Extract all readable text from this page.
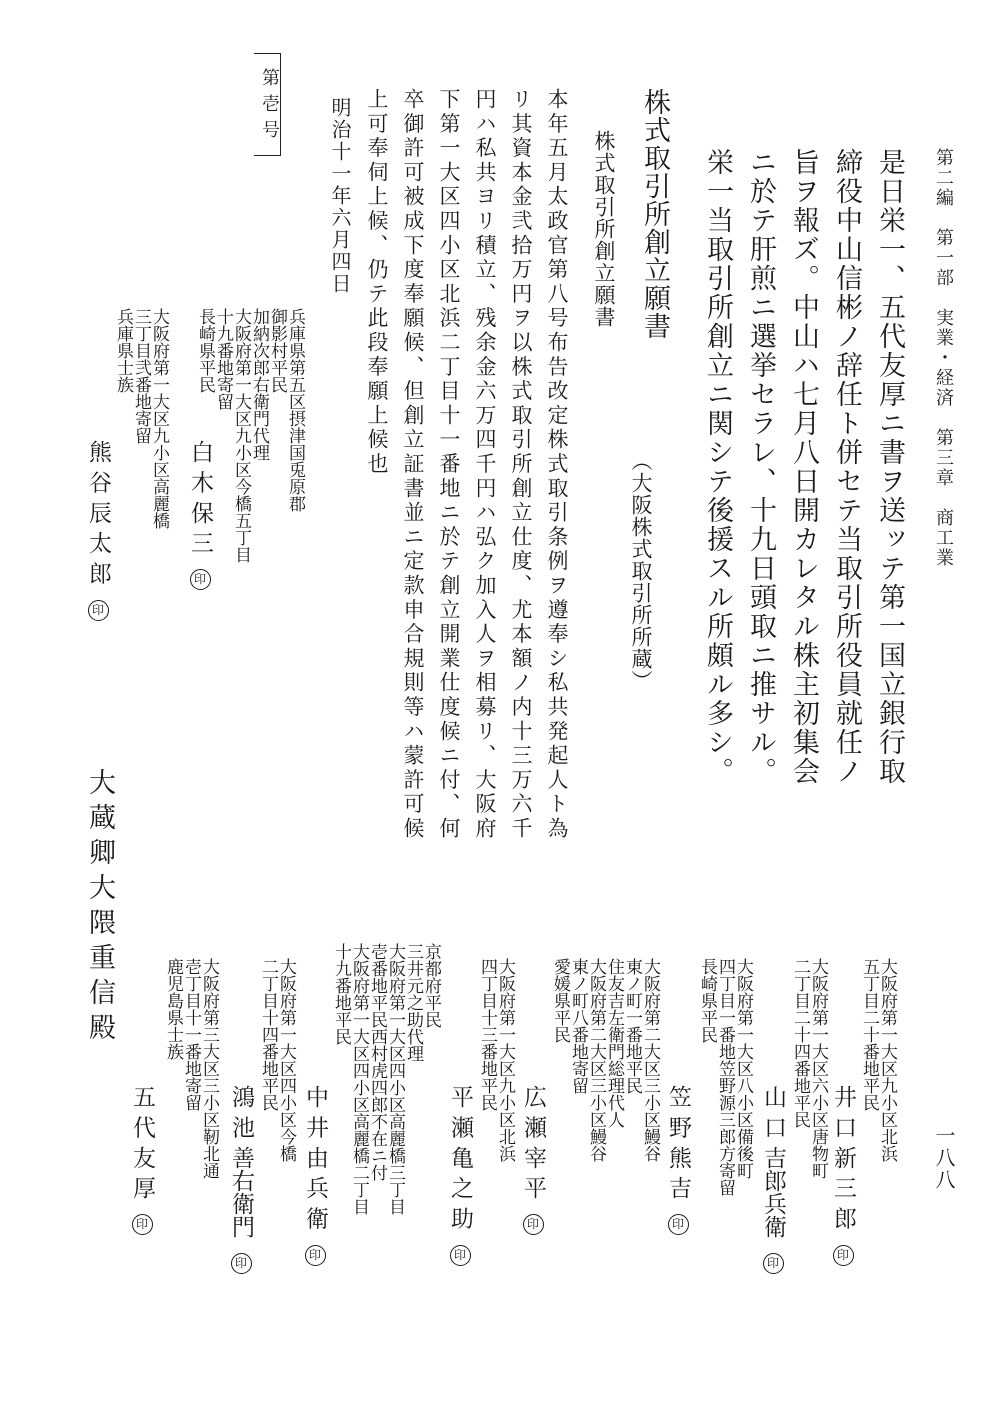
第二編　第一部　実業・経済　第三章　商工業
一八八
是日栄一、五代友厚ニ書ヲ送ッテ第一国立銀行取
締役中山信彬ノ辞任ト併セテ当取引所役員就任ノ
旨ヲ報ズ。中山ハ七月八日開カレタル株主初集会
ニ於テ肝煎ニ選挙セラレ、十九日頭取ニ推サル。
栄一当取引所創立ニ関シテ後援スル所頗ル多シ。
株式取引所創立願書
（大阪株式取引所所蔵）
株式取引所創立願書
本年五月太政官第八号布告改定株式取引条例ヲ遵奉シ私共発起人ト為
リ其資本金弐拾万円ヲ以株式取引所創立仕度、尤本額ノ内十三万六千
円ハ私共ヨリ積立、残余金六万四千円ハ弘ク加入人ヲ相募リ、大阪府
下第一大区四小区北浜二丁目十一番地ニ於テ創立開業仕度候ニ付、何
卒御許可被成下度奉願候、但創立証書並ニ定款申合規則等ハ蒙許可候
上可奉伺上候、仍テ此段奉願上候也
明治十一年六月四日
第壱号
兵庫県第五区摂津国兎原郡
御影村平民
加納次郎右衛門代理
大阪府第一大区九小区今橋五丁目
十九番地寄留
長崎県平民
白 木 保 三 印
大阪府第一大区九小区高麗橋
三丁目弐番地寄留
兵庫県士族
熊 谷 辰 太 郎 印
大阪府第一大区九小区北浜
五丁目二十番地平民
井 口 新 三 郎 印
大阪府第一大区六小区唐物町
二丁目二十四番地平民
山 口 吉郎兵衛 印
大阪府第一大区八小区備後町
四丁目一番地笠野源三郎方寄留
長崎県平民
笠 野 熊 吉 印
大阪府第二大区三小区鰻谷
東ノ町一番地平民
住友吉左衛門総理代人
大阪府第二大区三小区鰻谷
東ノ町八番地寄留
愛媛県平民
広 瀬 宰 平 印
大阪府第一大区九小区北浜
四丁目十三番地平民
平 瀬 亀 之 助 印
京都府平民
三井元之助代理
大阪府第一大区四小区高麗橋三丁目
壱番地平民西村虎四郎不在ニ付
大阪府第一大区四小区高麗橋二丁目
十九番地平民
中 井 由 兵 衛 印
大阪府第一大区四小区今橋
二丁目十四番地平民
鴻 池 善右衛門 印
大阪府第三大区三小区靭北通
壱丁目十一番地寄留
鹿児島県士族
五 代 友 厚 印
大蔵卿大隈重信殿
